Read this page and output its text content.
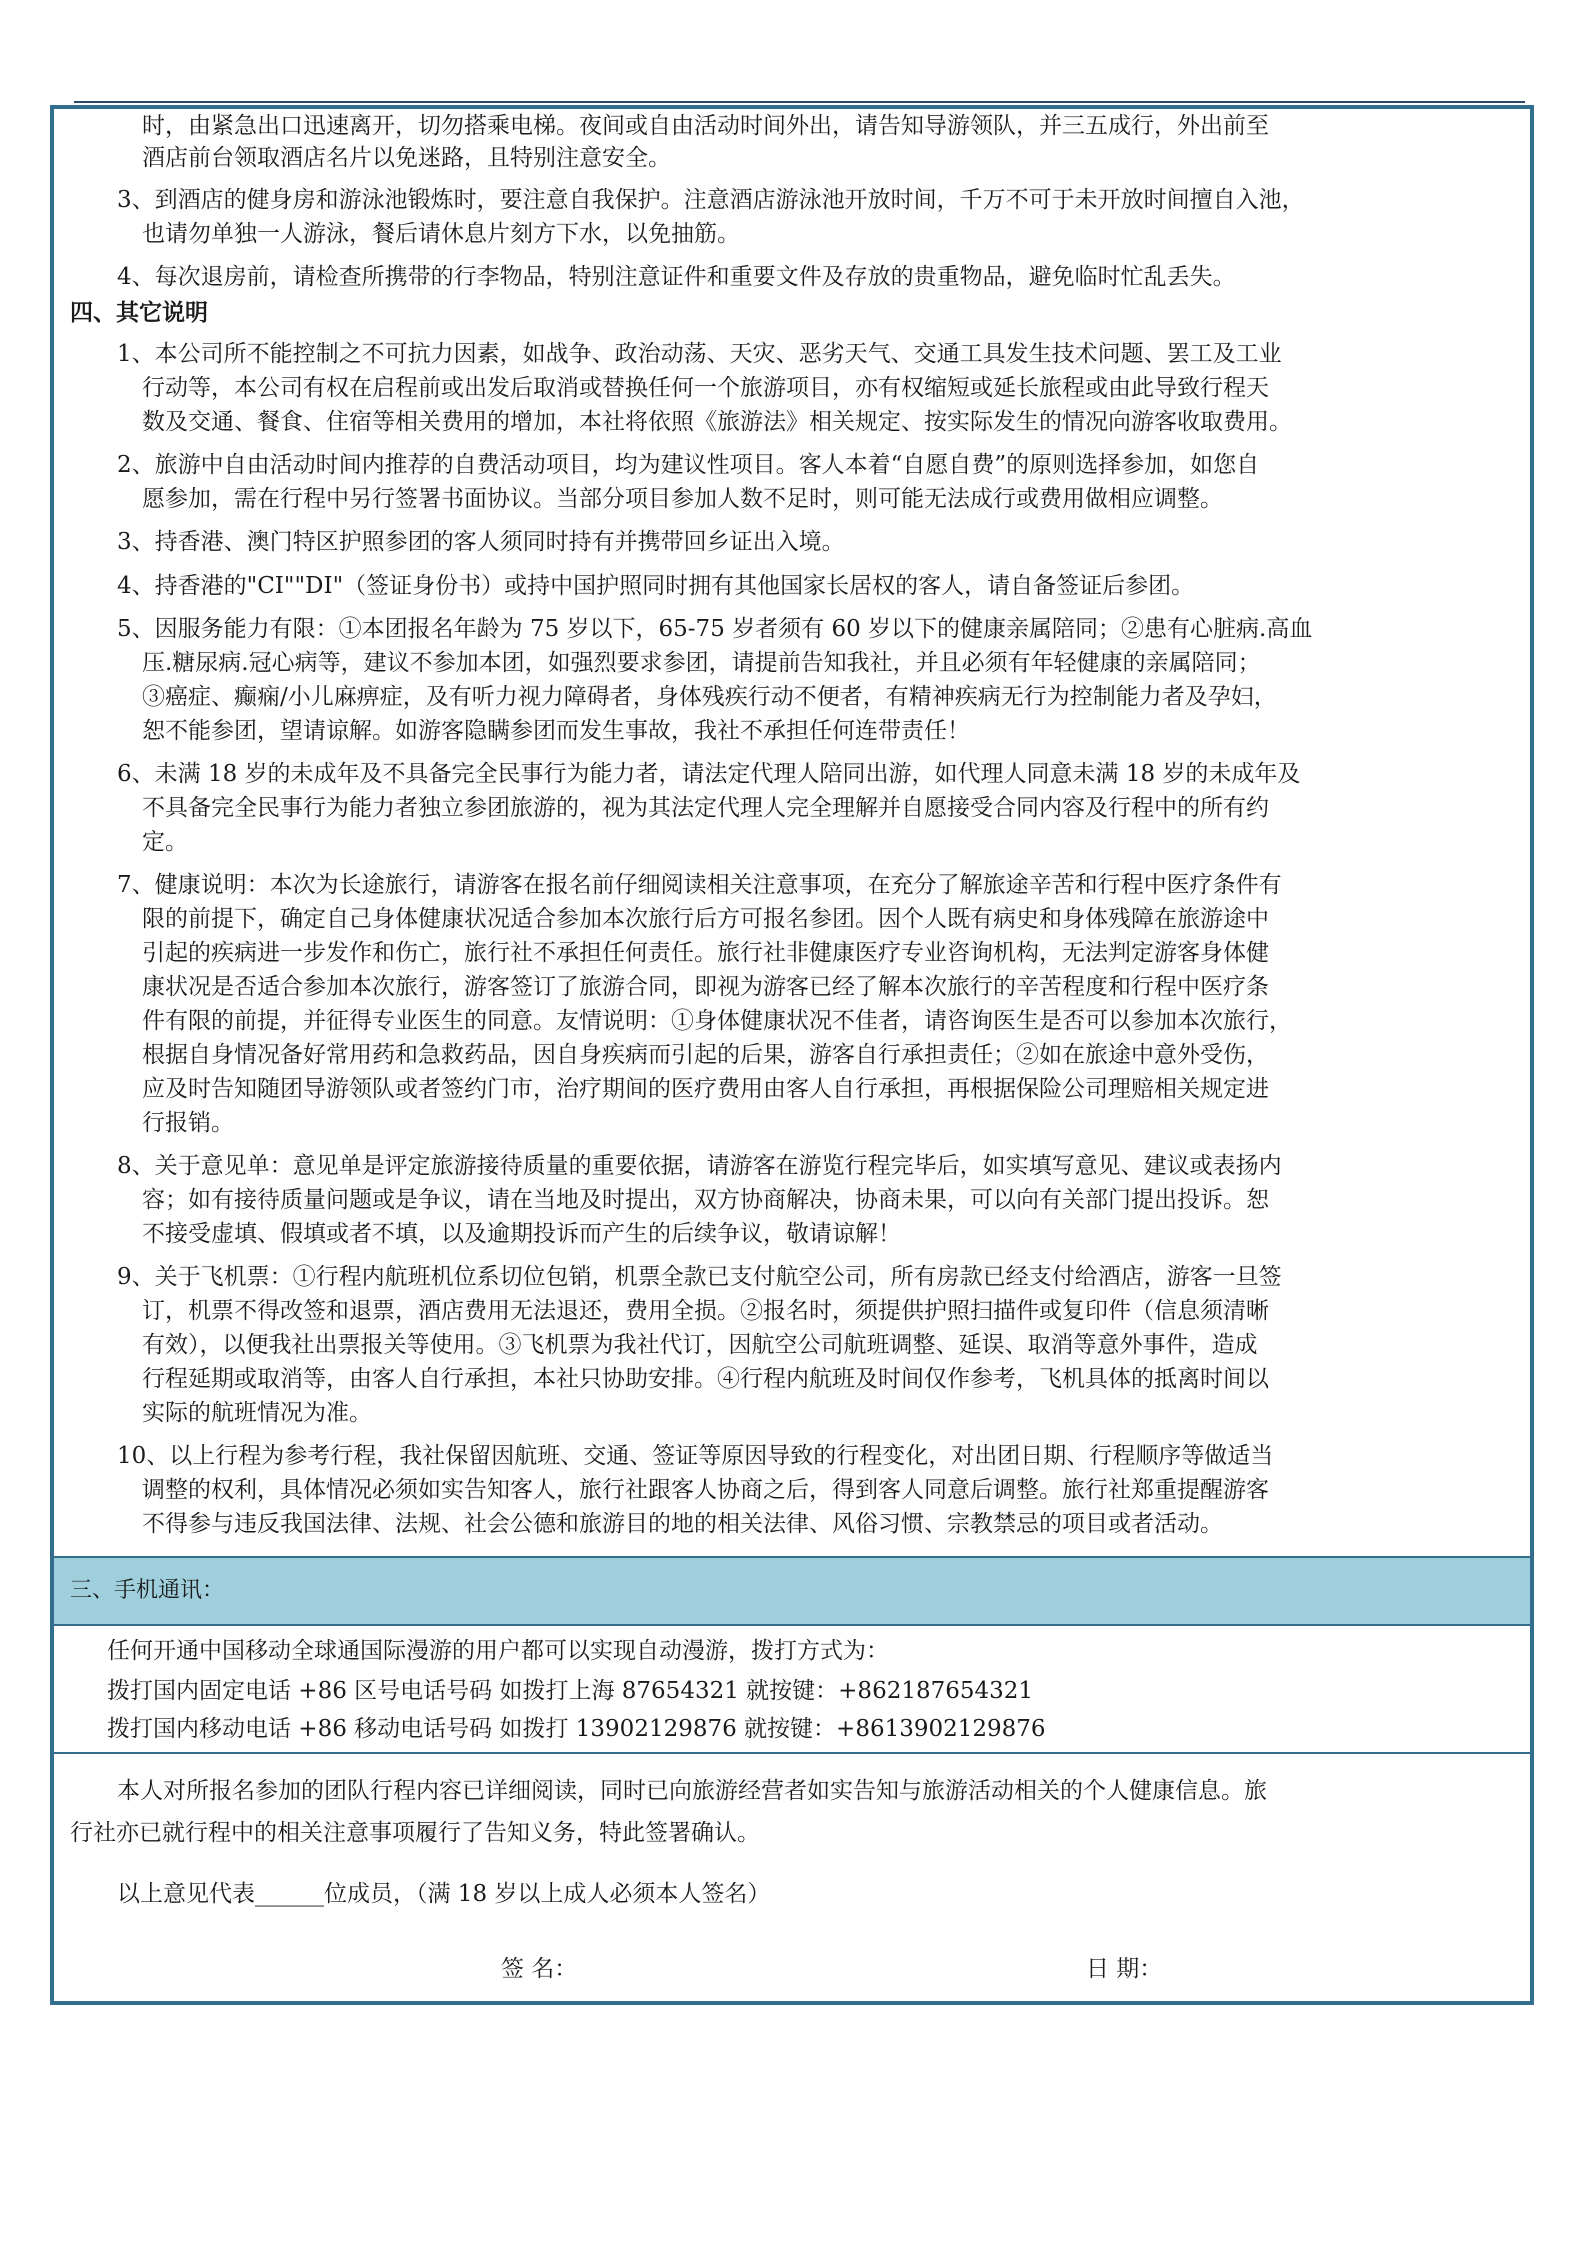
时，由紧急出口迅速离开，切勿搭乘电梯。夜间或自由活动时间外出，请告知导游领队，并三五成行，外出前至
酒店前台领取酒店名片以免迷路，且特别注意安全。
3、到酒店的健身房和游泳池锻炼时，要注意自我保护。注意酒店游泳池开放时间，千万不可于未开放时间擅自入池，
也请勿单独一人游泳，餐后请休息片刻方下水，以免抽筋。
4、每次退房前，请检查所携带的行李物品，特别注意证件和重要文件及存放的贵重物品，避免临时忙乱丢失。
四、其它说明
1、本公司所不能控制之不可抗力因素，如战争、政治动荡、天灾、恶劣天气、交通工具发生技术问题、罢工及工业
行动等，本公司有权在启程前或出发后取消或替换任何一个旅游项目，亦有权缩短或延长旅程或由此导致行程天
数及交通、餐食、住宿等相关费用的增加，本社将依照《旅游法》相关规定、按实际发生的情况向游客收取费用。
2、旅游中自由活动时间内推荐的自费活动项目，均为建议性项目。客人本着“自愿自费”的原则选择参加，如您自
愿参加，需在行程中另行签署书面协议。当部分项目参加人数不足时，则可能无法成行或费用做相应调整。
3、持香港、澳门特区护照参团的客人须同时持有并携带回乡证出入境。
4、持香港的"CI""DI"（签证身份书）或持中国护照同时拥有其他国家长居权的客人，请自备签证后参团。
5、因服务能力有限：①本团报名年龄为 75 岁以下，65-75 岁者须有 60 岁以下的健康亲属陪同；②患有心脏病.高血
压.糖尿病.冠心病等，建议不参加本团，如强烈要求参团，请提前告知我社，并且必须有年轻健康的亲属陪同；
③癌症、癫痫/小儿麻痹症，及有听力视力障碍者，身体残疾行动不便者，有精神疾病无行为控制能力者及孕妇，
恕不能参团，望请谅解。如游客隐瞒参团而发生事故，我社不承担任何连带责任！
6、未满 18 岁的未成年及不具备完全民事行为能力者，请法定代理人陪同出游，如代理人同意未满 18 岁的未成年及
不具备完全民事行为能力者独立参团旅游的，视为其法定代理人完全理解并自愿接受合同内容及行程中的所有约
定。
7、健康说明：本次为长途旅行，请游客在报名前仔细阅读相关注意事项，在充分了解旅途辛苦和行程中医疗条件有
限的前提下，确定自己身体健康状况适合参加本次旅行后方可报名参团。因个人既有病史和身体残障在旅游途中
引起的疾病进一步发作和伤亡，旅行社不承担任何责任。旅行社非健康医疗专业咨询机构，无法判定游客身体健
康状况是否适合参加本次旅行，游客签订了旅游合同，即视为游客已经了解本次旅行的辛苦程度和行程中医疗条
件有限的前提，并征得专业医生的同意。友情说明：①身体健康状况不佳者，请咨询医生是否可以参加本次旅行，
根据自身情况备好常用药和急救药品，因自身疾病而引起的后果，游客自行承担责任；②如在旅途中意外受伤，
应及时告知随团导游领队或者签约门市，治疗期间的医疗费用由客人自行承担，再根据保险公司理赔相关规定进
行报销。
8、关于意见单：意见单是评定旅游接待质量的重要依据，请游客在游览行程完毕后，如实填写意见、建议或表扬内
容；如有接待质量问题或是争议，请在当地及时提出，双方协商解决，协商未果，可以向有关部门提出投诉。恕
不接受虚填、假填或者不填，以及逾期投诉而产生的后续争议，敬请谅解！
9、关于飞机票：①行程内航班机位系切位包销，机票全款已支付航空公司，所有房款已经支付给酒店，游客一旦签
订，机票不得改签和退票，酒店费用无法退还，费用全损。②报名时，须提供护照扫描件或复印件（信息须清晰
有效），以便我社出票报关等使用。③飞机票为我社代订，因航空公司航班调整、延误、取消等意外事件，造成
行程延期或取消等，由客人自行承担，本社只协助安排。④行程内航班及时间仅作参考，飞机具体的抵离时间以
实际的航班情况为准。
10、以上行程为参考行程，我社保留因航班、交通、签证等原因导致的行程变化，对出团日期、行程顺序等做适当
调整的权利，具体情况必须如实告知客人，旅行社跟客人协商之后，得到客人同意后调整。旅行社郑重提醒游客
不得参与违反我国法律、法规、社会公德和旅游目的地的相关法律、风俗习惯、宗教禁忌的项目或者活动。
三、手机通讯：
任何开通中国移动全球通国际漫游的用户都可以实现自动漫游，拨打方式为：
拨打国内固定电话 +86 区号电话号码 如拨打上海 87654321 就按键：+862187654321
拨打国内移动电话 +86 移动电话号码 如拨打 13902129876 就按键：+8613902129876
本人对所报名参加的团队行程内容已详细阅读，同时已向旅游经营者如实告知与旅游活动相关的个人健康信息。旅
行社亦已就行程中的相关注意事项履行了告知义务，特此签署确认。
以上意见代表______位成员，（满 18 岁以上成人必须本人签名）
签 名：	日 期：
